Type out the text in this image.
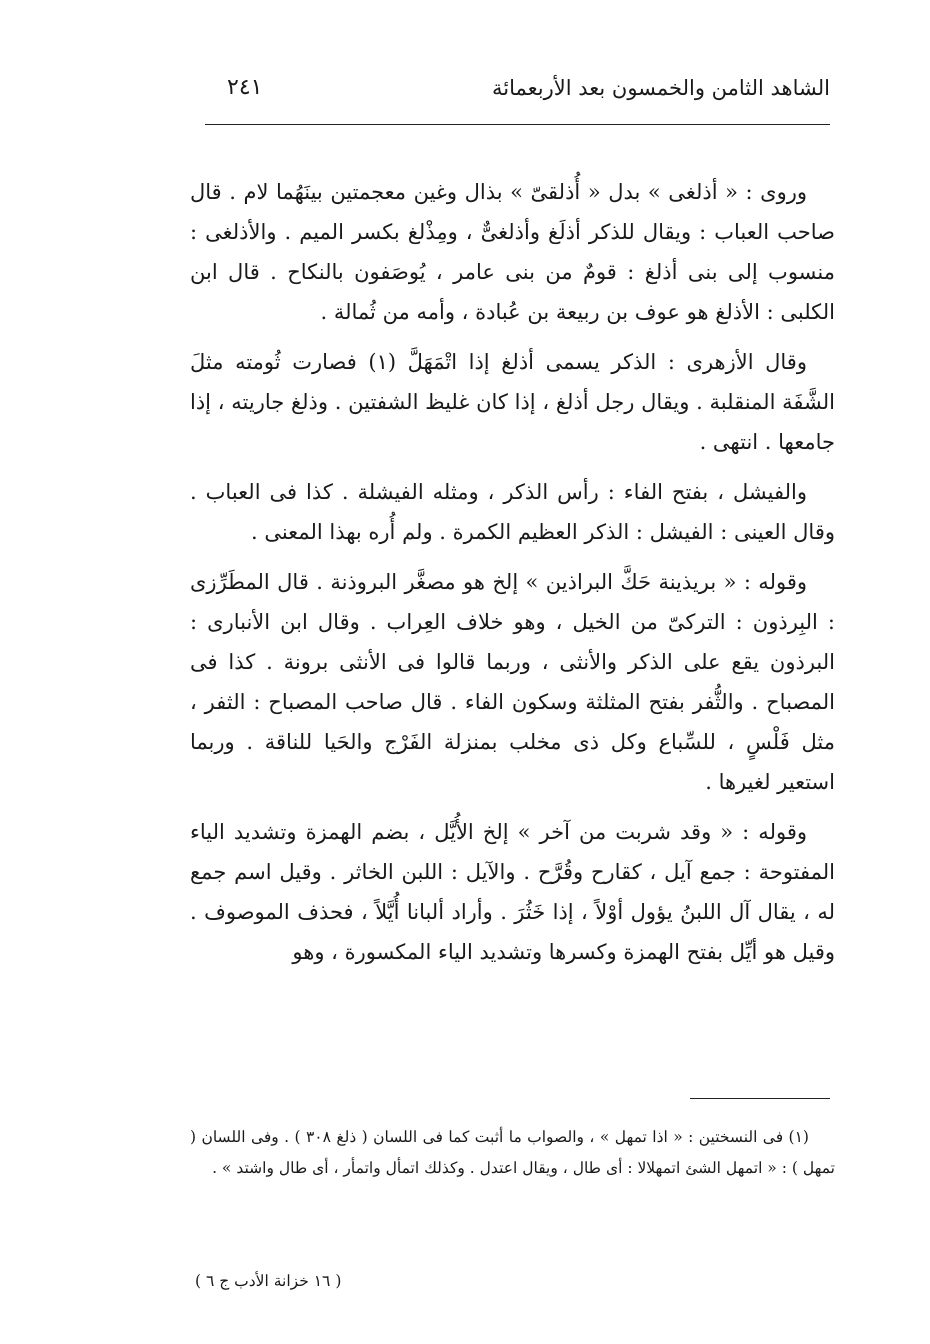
الشاهد الثامن والخمسون بعد الأربعمائة
٢٤١

وروى : « أذلغى » بدل « أُذلقىّ » بذال وغين معجمتين بينَهُما لام . قال صاحب العباب : ويقال للذكر أذلَغ وأذلغىٌّ ، ومِذْلغ بكسر الميم . والأذلغى : منسوب إلى بنى أذلغ : قومٌ من بنى عامر ، يُوصَفون بالنكاح . قال ابن الكلبى : الأذلغ هو عوف بن ربيعة بن عُبادة ، وأمه من ثُمالة .

وقال الأزهرى : الذكر يسمى أذلغ إذا اتْمَهَلَّ (١) فصارت ثُومته مثلَ الشَّفَة المنقلبة . ويقال رجل أذلغ ، إذا كان غليظ الشفتين . وذلغ جاريته ، إذا جامعها . انتهى .

والفيشل ، بفتح الفاء : رأس الذكر ، ومثله الفيشلة . كذا فى العباب . وقال العينى : الفيشل : الذكر العظيم الكمرة . ولم أُره بهذا المعنى .

وقوله : « بريذينة حَكَّ البراذين » إلخ هو مصغَّر البروذنة . قال المطَرِّزى : البِرذون : التركىّ من الخيل ، وهو خلاف العِراب . وقال ابن الأنبارى : البرذون يقع على الذكر والأنثى ، وربما قالوا فى الأنثى برونة . كذا فى المصباح . والثُّفر بفتح المثلثة وسكون الفاء . قال صاحب المصباح : الثفر ، مثل فَلْسٍ ، للسِّباع وكل ذى مخلب بمنزلة الفَرْج والحَيا للناقة . وربما استعير لغيرها .

وقوله : « وقد شربت من آخر » إلخ الأُيَّل ، بضم الهمزة وتشديد الياء المفتوحة : جمع آيل ، كقارح وقُرَّح . والآيل : اللبن الخاثر . وقيل اسم جمع له ، يقال آل اللبنُ يؤول أوْلاً ، إذا خَثُرَ . وأراد ألبانا أُيَّلاً ، فحذف الموصوف . وقيل هو أيِّل بفتح الهمزة وكسرها وتشديد الياء المكسورة ، وهو

(١) فى النسختين : « اذا تمهل » ، والصواب ما أثبت كما فى اللسان ( ذلغ ٣٠٨ ) . وفى اللسان ( تمهل ) : « اتمهل الشئ اتمهلالا : أى طال ، ويقال اعتدل . وكذلك اتمأل واتمأر ، أى طال واشتد » .

( ١٦ خزانة الأدب ج ٦ )
